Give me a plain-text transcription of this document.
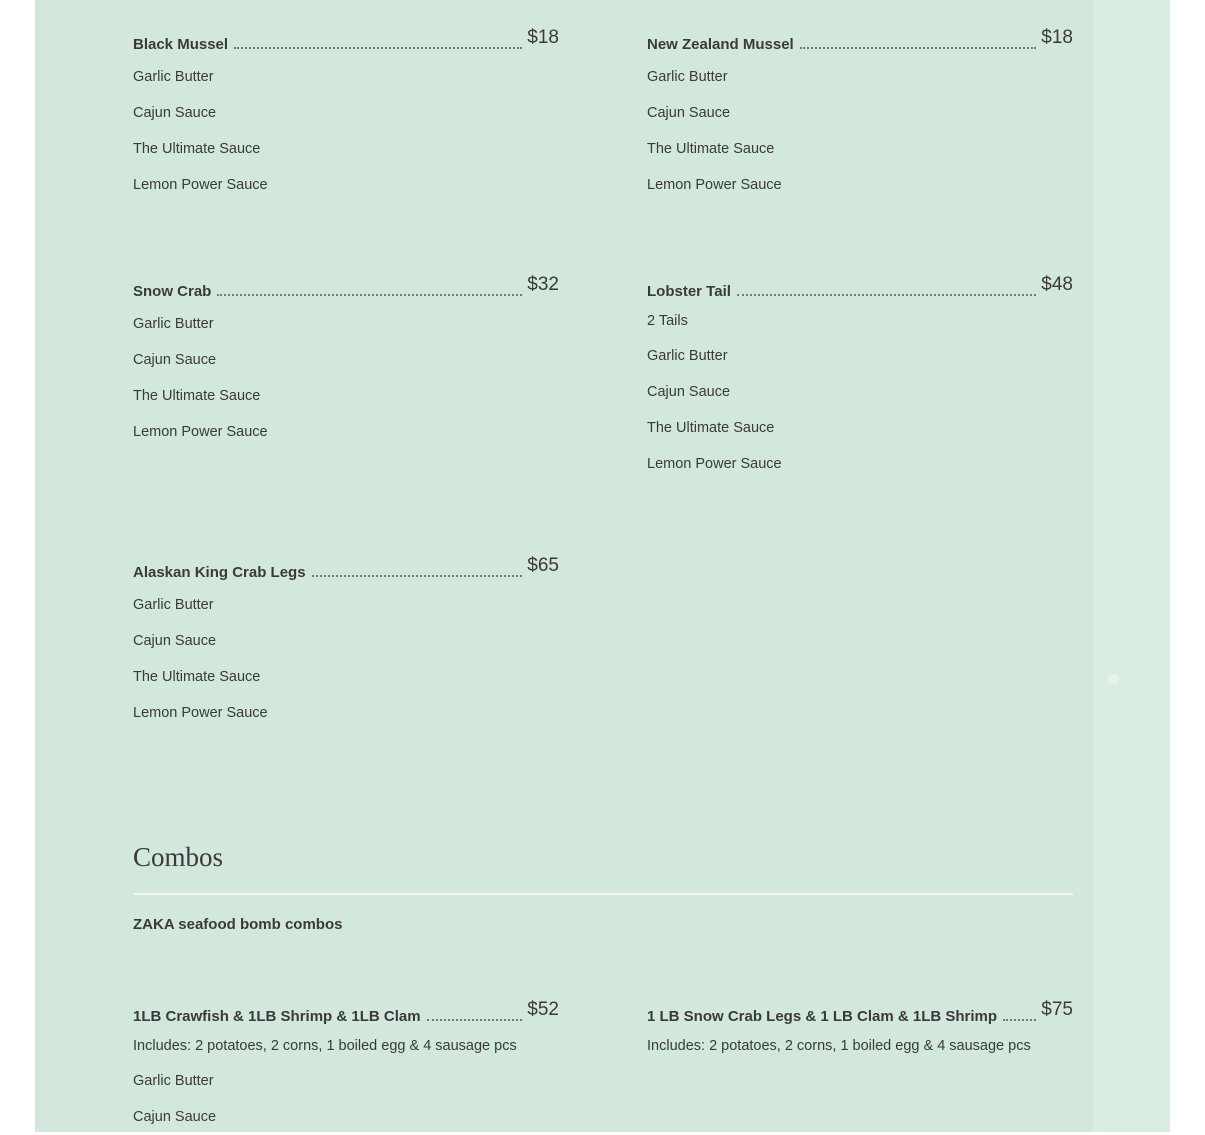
Black Mussel	$18
Garlic Butter
Cajun Sauce
The Ultimate Sauce
Lemon Power Sauce
New Zealand Mussel	$18
Garlic Butter
Cajun Sauce
The Ultimate Sauce
Lemon Power Sauce
Snow Crab	$32
Garlic Butter
Cajun Sauce
The Ultimate Sauce
Lemon Power Sauce
Lobster Tail	$48
2 Tails
Garlic Butter
Cajun Sauce
The Ultimate Sauce
Lemon Power Sauce
Alaskan King Crab Legs	$65
Garlic Butter
Cajun Sauce
The Ultimate Sauce
Lemon Power Sauce
Combos
ZAKA seafood bomb combos
1LB Crawfish & 1LB Shrimp & 1LB Clam	$52
Includes: 2 potatoes, 2 corns, 1 boiled egg & 4 sausage pcs
Garlic Butter
Cajun Sauce
1 LB Snow Crab Legs & 1 LB Clam & 1LB Shrimp $75
Includes: 2 potatoes, 2 corns, 1 boiled egg & 4 sausage pcs
